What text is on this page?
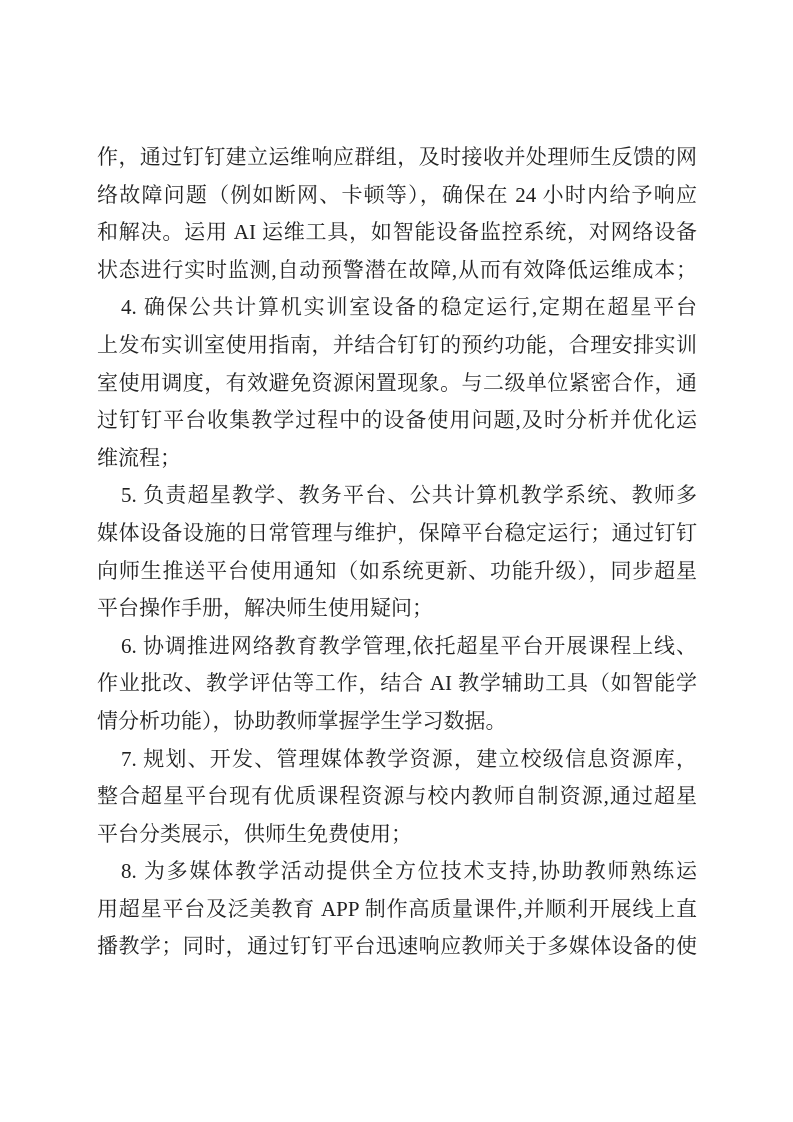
作，通过钉钉建立运维响应群组，及时接收并处理师生反馈的网
络故障问题（例如断网、卡顿等），确保在 24 小时内给予响应
和解决。运用 AI 运维工具，如智能设备监控系统，对网络设备
状态进行实时监测,自动预警潜在故障,从而有效降低运维成本；
4. 确保公共计算机实训室设备的稳定运行,定期在超星平台
上发布实训室使用指南，并结合钉钉的预约功能，合理安排实训
室使用调度，有效避免资源闲置现象。与二级单位紧密合作，通
过钉钉平台收集教学过程中的设备使用问题,及时分析并优化运
维流程；
5. 负责超星教学、教务平台、公共计算机教学系统、教师多
媒体设备设施的日常管理与维护，保障平台稳定运行；通过钉钉
向师生推送平台使用通知（如系统更新、功能升级），同步超星
平台操作手册，解决师生使用疑问；
6. 协调推进网络教育教学管理,依托超星平台开展课程上线、
作业批改、教学评估等工作，结合 AI 教学辅助工具（如智能学
情分析功能），协助教师掌握学生学习数据。
7. 规划、开发、管理媒体教学资源，建立校级信息资源库，
整合超星平台现有优质课程资源与校内教师自制资源,通过超星
平台分类展示，供师生免费使用；
8. 为多媒体教学活动提供全方位技术支持,协助教师熟练运
用超星平台及泛美教育 APP 制作高质量课件,并顺利开展线上直
播教学；同时，通过钉钉平台迅速响应教师关于多媒体设备的使
